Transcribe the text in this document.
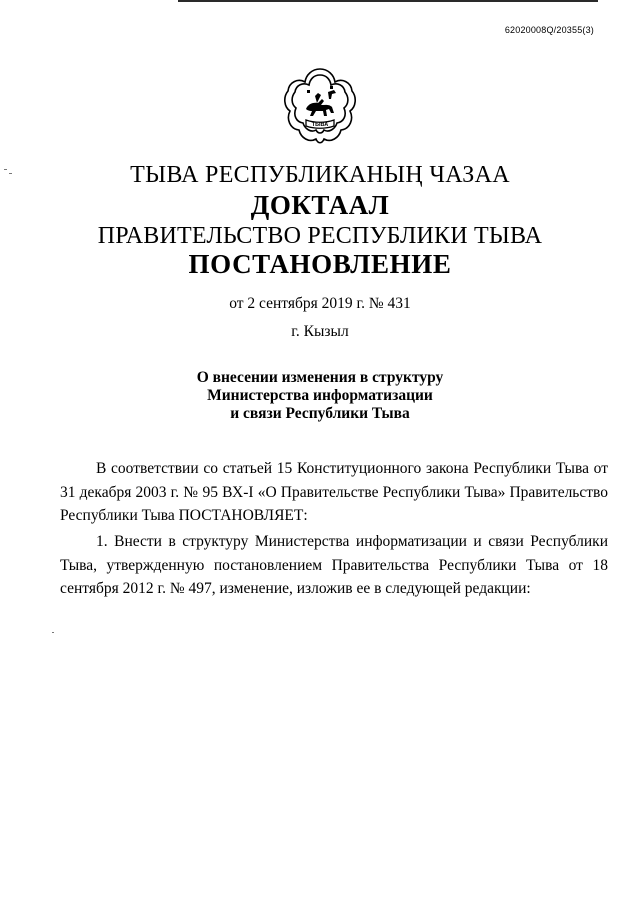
62020008Q/20355(3)
ТЫВА
ТЫВА РЕСПУБЛИКАНЫҢ ЧАЗАА
ДОКТААЛ
ПРАВИТЕЛЬСТВО РЕСПУБЛИКИ ТЫВА
ПОСТАНОВЛЕНИЕ
от 2 сентября 2019 г. № 431
г. Кызыл
О внесении изменения в структуру
Министерства информатизации
и связи Республики Тыва
В соответствии со статьей 15 Конституционного закона Республики Тыва от 31 декабря 2003 г. № 95 ВХ-I «О Правительстве Республики Тыва» Правительство Республики Тыва ПОСТАНОВЛЯЕТ:
1. Внести в структуру Министерства информатизации и связи Республики Тыва, утвержденную постановлением Правительства Республики Тыва от 18 сентября 2012 г. № 497, изменение, изложив ее в следующей редакции:
